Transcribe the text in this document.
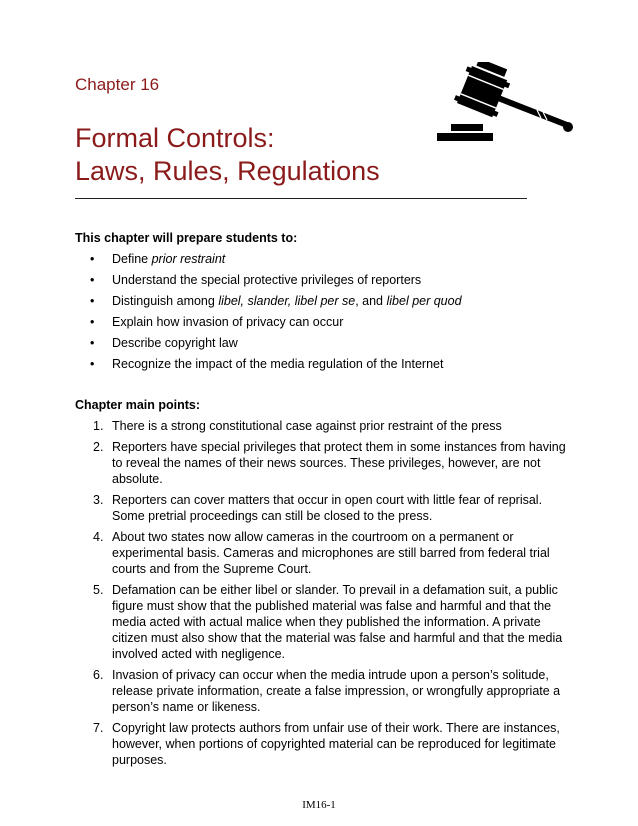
Chapter 16
Formal Controls:
Laws, Rules, Regulations
This chapter will prepare students to:
• Define prior restraint
• Understand the special protective privileges of reporters
• Distinguish among libel, slander, libel per se, and libel per quod
• Explain how invasion of privacy can occur
• Describe copyright law
• Recognize the impact of the media regulation of the Internet
Chapter main points:
1. There is a strong constitutional case against prior restraint of the press
2. Reporters have special privileges that protect them in some instances from having to reveal the names of their news sources. These privileges, however, are not absolute.
3. Reporters can cover matters that occur in open court with little fear of reprisal. Some pretrial proceedings can still be closed to the press.
4. About two states now allow cameras in the courtroom on a permanent or experimental basis. Cameras and microphones are still barred from federal trial courts and from the Supreme Court.
5. Defamation can be either libel or slander. To prevail in a defamation suit, a public figure must show that the published material was false and harmful and that the media acted with actual malice when they published the information. A private citizen must also show that the material was false and harmful and that the media involved acted with negligence.
6. Invasion of privacy can occur when the media intrude upon a person’s solitude, release private information, create a false impression, or wrongfully appropriate a person’s name or likeness.
7. Copyright law protects authors from unfair use of their work. There are instances, however, when portions of copyrighted material can be reproduced for legitimate purposes.
IM16-1
